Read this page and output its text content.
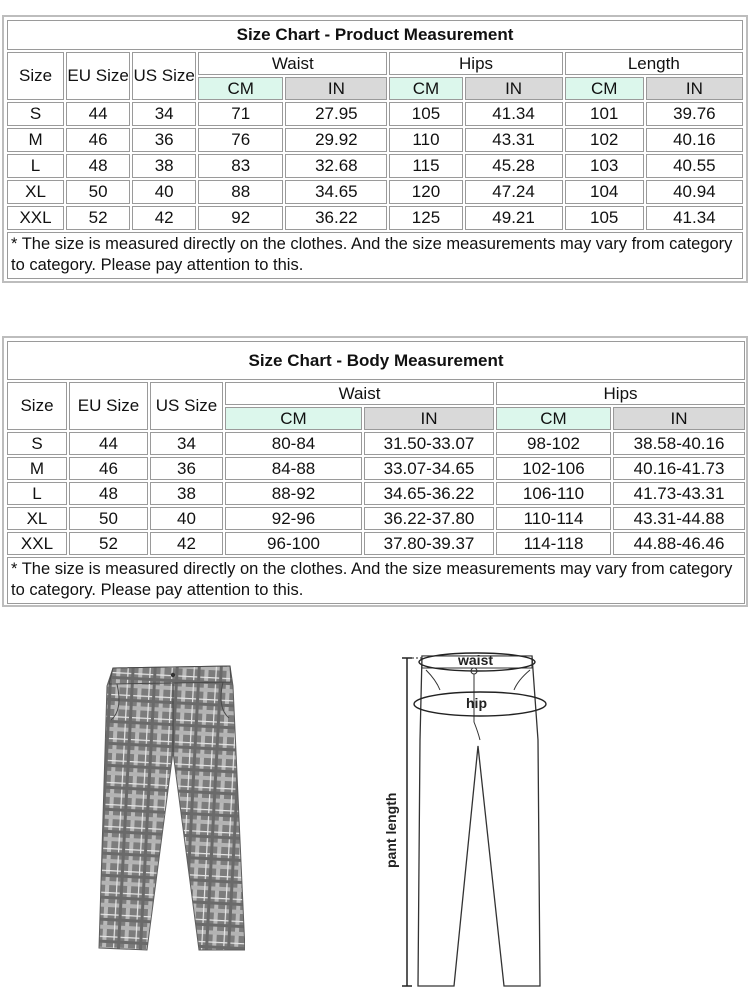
Size Chart - Product Measurement								
Size	EU Size	US Size	Waist		Hips		Length	
			CM	IN	CM	IN	CM	IN
S	44	34	71	27.95	105	41.34	101	39.76
M	46	36	76	29.92	110	43.31	102	40.16
L	48	38	83	32.68	115	45.28	103	40.55
XL	50	40	88	34.65	120	47.24	104	40.94
XXL	52	42	92	36.22	125	49.21	105	41.34
* The size is measured directly on the clothes. And the size measurements may vary from category to category. Please pay attention to this.								
Size Chart - Body Measurement						
Size	EU Size	US Size	Waist		Hips	
			CM	IN	CM	IN
S	44	34	80-84	31.50-33.07	98-102	38.58-40.16
M	46	36	84-88	33.07-34.65	102-106	40.16-41.73
L	48	38	88-92	34.65-36.22	106-110	41.73-43.31
XL	50	40	92-96	36.22-37.80	110-114	43.31-44.88
XXL	52	42	96-100	37.80-39.37	114-118	44.88-46.46
* The size is measured directly on the clothes. And the size measurements may vary from category to category. Please pay attention to this.						
waist
hip
pant length
